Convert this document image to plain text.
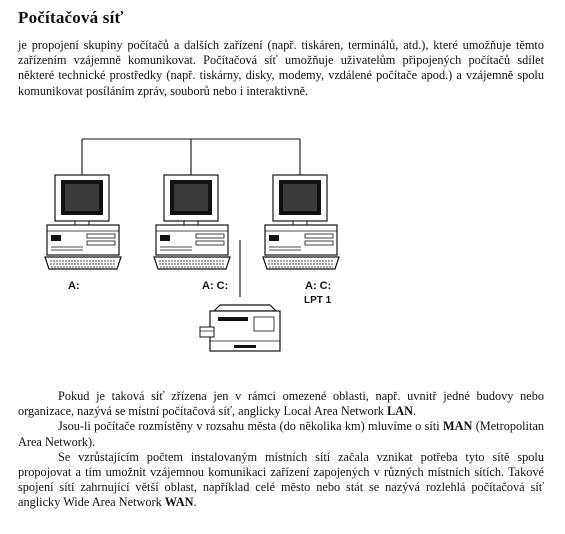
Počítačová síť

je propojení skupiny počítačů a dalších zařízení (např. tiskáren, terminálů, atd.), které umožňuje těmto zařízením vzájemně komunikovat. Počítačová síť umožňuje uživatelům připojených počítačů sdílet některé technické prostředky (např. tiskárny, disky, modemy, vzdálené počítače apod.) a vzájemně spolu komunikovat posíláním zpráv, souborů nebo i interaktivně.

A:	A: C:	A: C:
LPT 1

Pokud je taková síť zřízena jen v rámci omezené oblasti, např. uvnitř jedné budovy nebo organizace, nazývá se místní počítačová síť, anglicky Local Area Network LAN.

Jsou-li počítače rozmístěny v rozsahu města (do několika km) mluvíme o síti MAN (Metropolitan Area Network).

Se vzrůstajícím počtem instalovaným místních sítí začala vznikat potřeba tyto sítě spolu propojovat a tím umožnit vzájemnou komunikaci zařízení zapojených v různých místních sítích. Takové spojení sítí zahrnující větší oblast, například celé město nebo stát se nazývá rozlehlá počítačová síť anglicky Wide Area Network WAN.
